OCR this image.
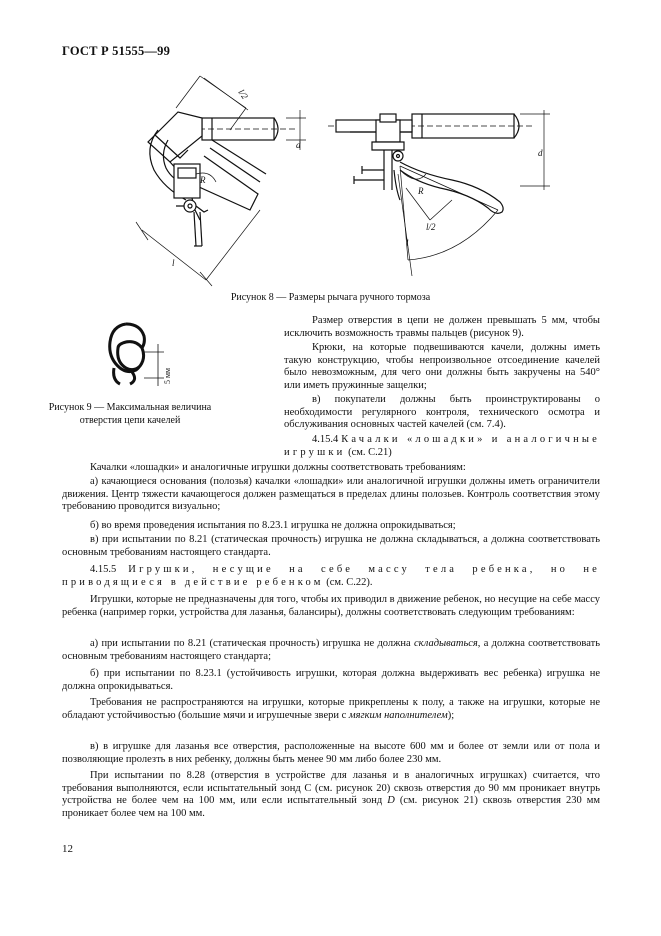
ГОСТ Р 51555—99
l/2
l
d
R
d
l/2
l
R
Рисунок 8 — Размеры рычага ручного тормоза
5 мм
Рисунок 9 — Максимальная величина отверстия цепи качелей

Размер отверстия в цепи не должен превышать 5 мм, чтобы исключить возможность травмы пальцев (рисунок 9).

Крюки, на которые подвешиваются качели, должны иметь такую конструкцию, чтобы непроизвольное отсоединение качелей было невозможным, для чего они должны быть закручены на 540° или иметь пружинные защелки;

в) покупатели должны быть проинструктированы о необходимости регулярного контроля, технического осмотра и обслуживания основных частей качелей (см. 7.4).

4.15.4 Качалки «лошадки» и аналогичные игрушки (см. С.21)

Качалки «лошадки» и аналогичные игрушки должны соответствовать требованиям:

а) качающиеся основания (полозья) качалки «лошадки» или аналогичной игрушки должны иметь ограничители движения. Центр тяжести качающегося должен размещаться в пределах длины полозьев. Контроль соответствия этому требованию проводится визуально;

б) во время проведения испытания по 8.23.1 игрушка не должна опрокидываться;

в) при испытании по 8.21 (статическая прочность) игрушка не должна складываться, а должна соответствовать основным требованиям настоящего стандарта.

4.15.5 Игрушки, несущие на себе массу тела ребенка, но не приводящиеся в действие ребенком (см. С.22).

Игрушки, которые не предназначены для того, чтобы их приводил в движение ребенок, но несущие на себе массу ребенка (например горки, устройства для лазанья, балансиры), должны соответствовать следующим требованиям:

а) при испытании по 8.21 (статическая прочность) игрушка не должна складываться, а должна соответствовать основным требованиям настоящего стандарта;

б) при испытании по 8.23.1 (устойчивость игрушки, которая должна выдерживать вес ребенка) игрушка не должна опрокидываться.

Требования не распространяются на игрушки, которые прикреплены к полу, а также на игрушки, которые не обладают устойчивостью (большие мячи и игрушечные звери с мягким наполнителем);

в) в игрушке для лазанья все отверстия, расположенные на высоте 600 мм и более от земли или от пола и позволяющие пролезть в них ребенку, должны быть менее 90 мм либо более 230 мм.

При испытании по 8.28 (отверстия в устройстве для лазанья и в аналогичных игрушках) считается, что требования выполняются, если испытательный зонд C (см. рисунок 20) сквозь отверстия до 90 мм проникает внутрь устройства не более чем на 100 мм, или если испытательный зонд D (см. рисунок 21) сквозь отверстия 230 мм проникает более чем на 100 мм.

12
